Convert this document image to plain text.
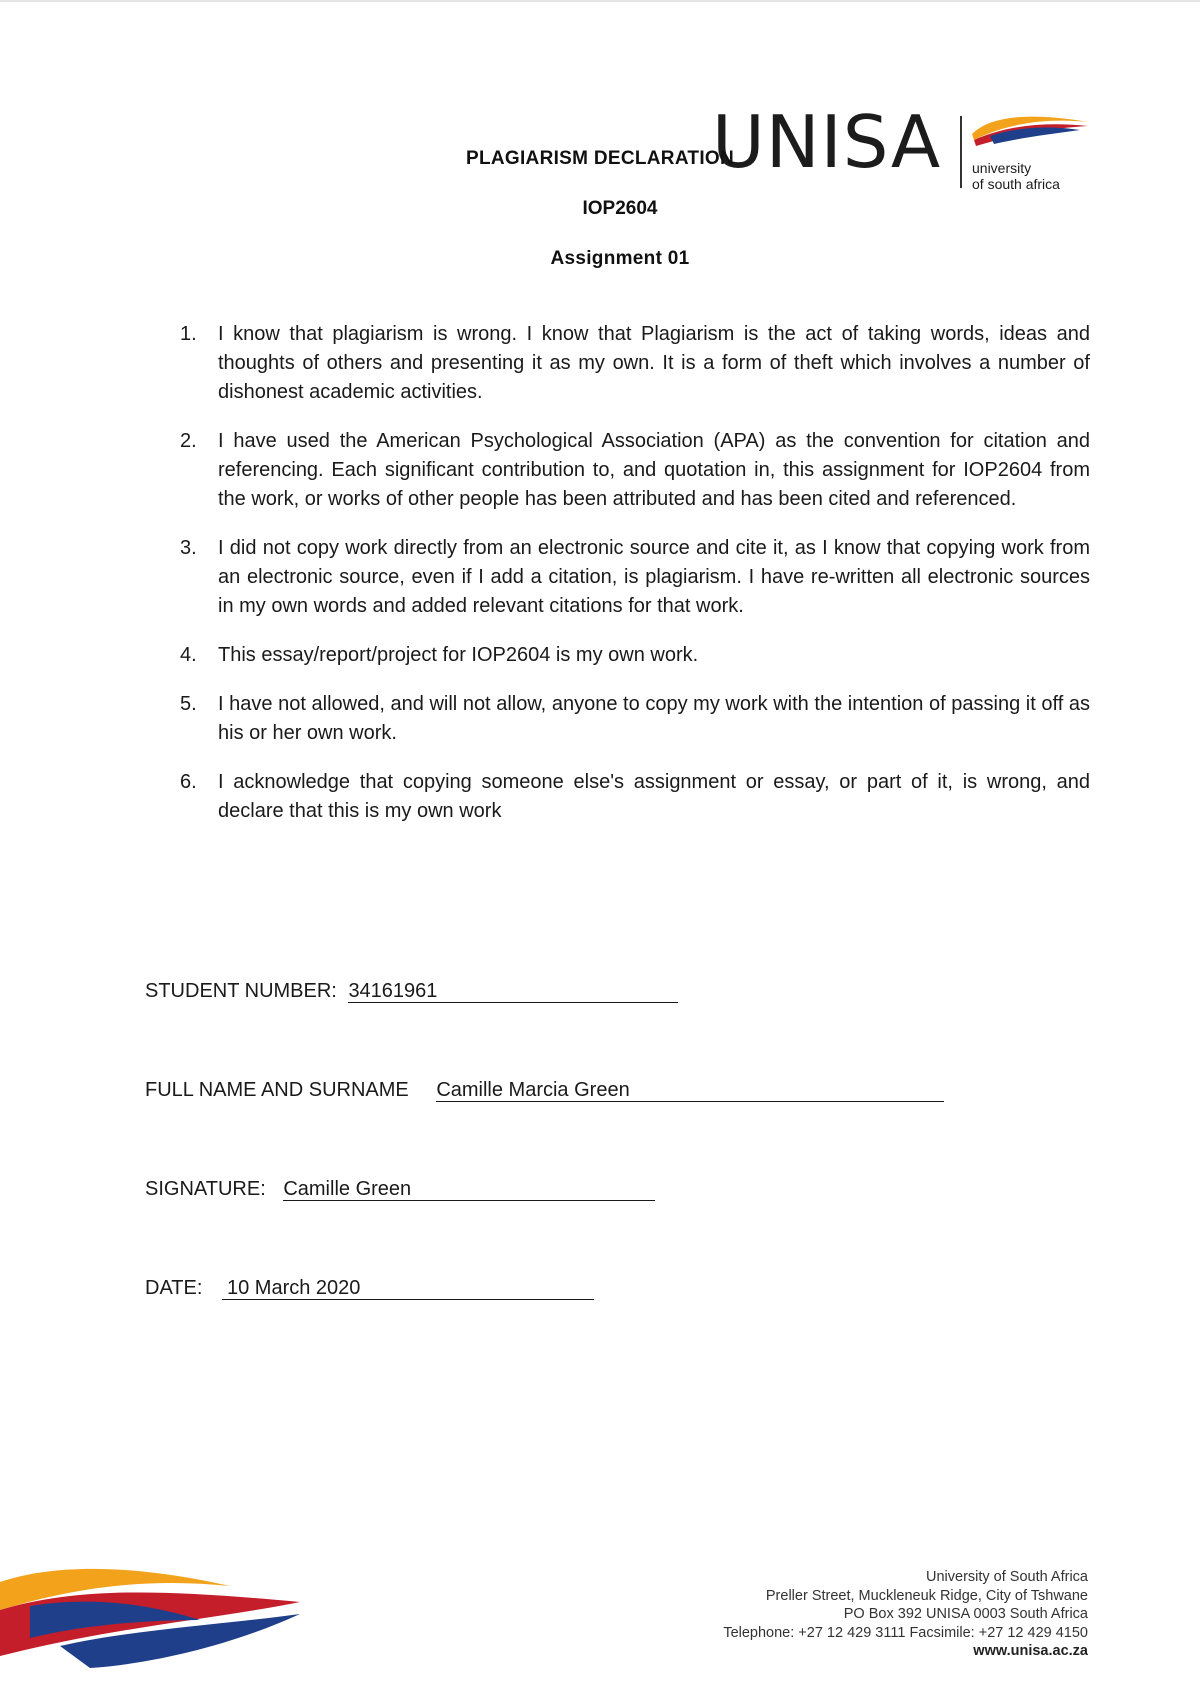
UNISA university
of south africa
PLAGIARISM DECLARATION
IOP2604
Assignment 01
1. I know that plagiarism is wrong. I know that Plagiarism is the act of taking words, ideas and thoughts of others and presenting it as my own. It is a form of theft which involves a number of dishonest academic activities.
2. I have used the American Psychological Association (APA) as the convention for citation and referencing. Each significant contribution to, and quotation in, this assignment for IOP2604 from the work, or works of other people has been attributed and has been cited and referenced.
3. I did not copy work directly from an electronic source and cite it, as I know that copying work from an electronic source, even if I add a citation, is plagiarism. I have re-written all electronic sources in my own words and added relevant citations for that work.
4. This essay/report/project for IOP2604 is my own work.
5. I have not allowed, and will not allow, anyone to copy my work with the intention of passing it off as his or her own work.
6. I acknowledge that copying someone else's assignment or essay, or part of it, is wrong, and declare that this is my own work
STUDENT NUMBER: 34161961
FULL NAME AND SURNAME Camille Marcia Green
SIGNATURE: Camille Green
DATE: 10 March 2020
University of South Africa
Preller Street, Muckleneuk Ridge, City of Tshwane
PO Box 392 UNISA 0003 South Africa
Telephone: +27 12 429 3111 Facsimile: +27 12 429 4150
www.unisa.ac.za
